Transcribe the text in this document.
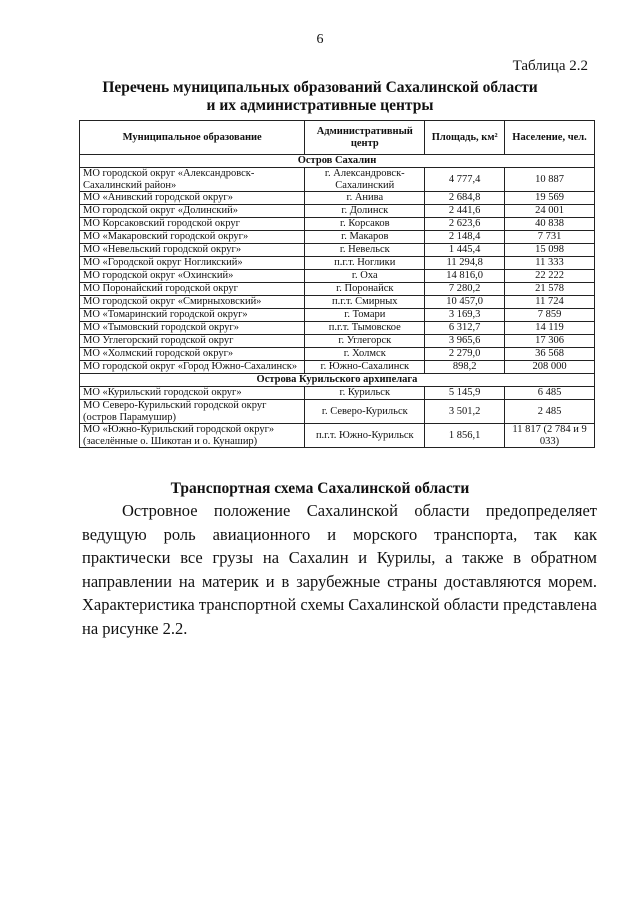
6
Таблица 2.2
Перечень муниципальных образований Сахалинской области
и их административные центры
Муниципальное образование	Административный центр	Площадь, км²	Население, чел.
Остров Сахалин			
МО городской округ «Александровск-Сахалинский район»	г. Александровск-Сахалинский	4 777,4	10 887
МО «Анивский городской округ»	г. Анива	2 684,8	19 569
МО городской округ «Долинский»	г. Долинск	2 441,6	24 001
МО Корсаковский городской округ	г. Корсаков	2 623,6	40 838
МО «Макаровский городской округ»	г. Макаров	2 148,4	7 731
МО «Невельский городской округ»	г. Невельск	1 445,4	15 098
МО «Городской округ Ногликский»	п.г.т. Ноглики	11 294,8	11 333
МО городской округ «Охинский»	г. Оха	14 816,0	22 222
МО Поронайский городской округ	г. Поронайск	7 280,2	21 578
МО городской округ «Смирныховский»	п.г.т. Смирных	10 457,0	11 724
МО «Томаринский городской округ»	г. Томари	3 169,3	7 859
МО «Тымовский городской округ»	п.г.т. Тымовское	6 312,7	14 119
МО Углегорский городской округ	г. Углегорск	3 965,6	17 306
МО «Холмский городской округ»	г. Холмск	2 279,0	36 568
МО городской округ «Город Южно-Сахалинск»	г. Южно-Сахалинск	898,2	208 000
Острова Курильского архипелага			
МО «Курильский городской округ»	г. Курильск	5 145,9	6 485
МО Северо-Курильский городской округ (остров Парамушир)	г. Северо-Курильск	3 501,2	2 485
МО «Южно-Курильский городской округ» (заселённые о. Шикотан и о. Кунашир)	п.г.т. Южно-Курильск	1 856,1	11 817 (2 784 и 9 033)
Транспортная схема Сахалинской области

Островное положение Сахалинской области предопределяет ведущую роль авиационного и морского транспорта, так как практически все грузы на Сахалин и Курилы, а также в обратном направлении на материк и в зарубежные страны доставляются морем. Характеристика транспортной схемы Сахалинской области представлена на рисунке 2.2.
